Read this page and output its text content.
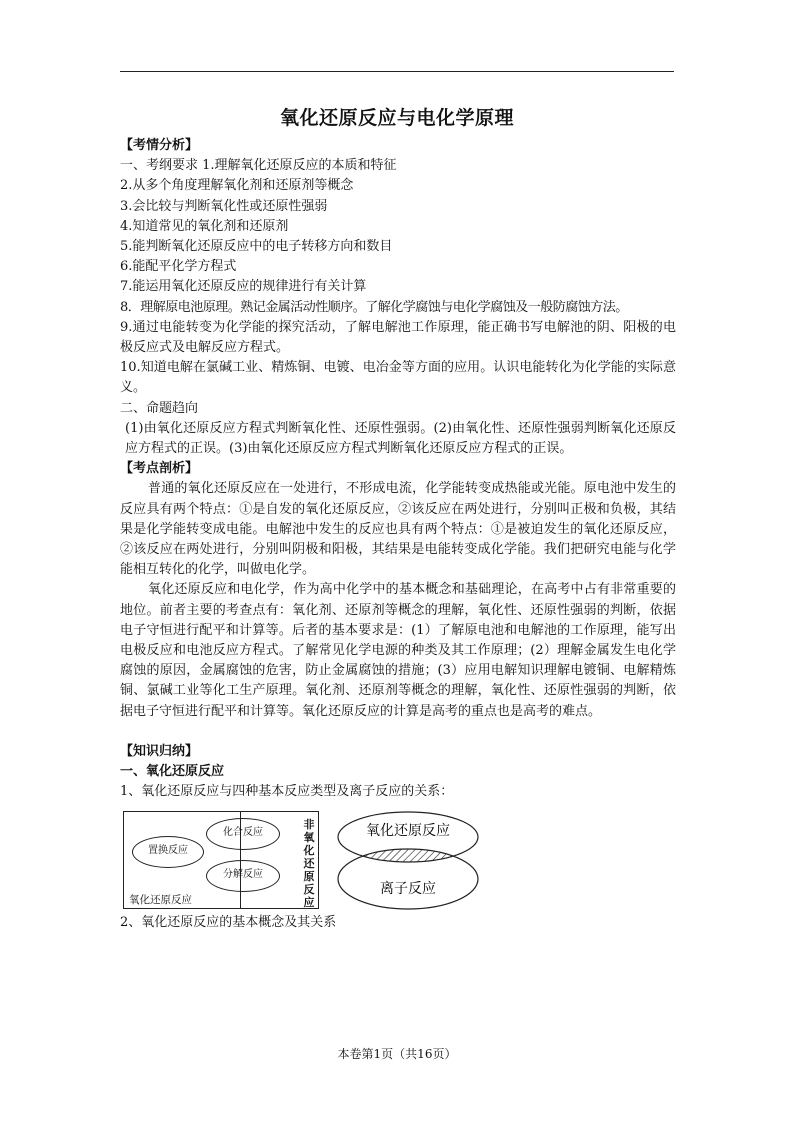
氧化还原反应与电化学原理
【考情分析】
一、考纲要求 1.理解氧化还原反应的本质和特征
2.从多个角度理解氧化剂和还原剂等概念
3.会比较与判断氧化性或还原性强弱
4.知道常见的氧化剂和还原剂
5.能判断氧化还原反应中的电子转移方向和数目
6.能配平化学方程式
7.能运用氧化还原反应的规律进行有关计算
8．理解原电池原理。熟记金属活动性顺序。了解化学腐蚀与电化学腐蚀及一般防腐蚀方法。
9.通过电能转变为化学能的探究活动，了解电解池工作原理，能正确书写电解池的阴、阳极的电极反应式及电解反应方程式。
10.知道电解在氯碱工业、精炼铜、电镀、电冶金等方面的应用。认识电能转化为化学能的实际意义。
二、命题趋向
(1)由氧化还原反应方程式判断氧化性、还原性强弱。(2)由氧化性、还原性强弱判断氧化还原反应方程式的正误。(3)由氧化还原反应方程式判断氧化还原反应方程式的正误。
【考点剖析】
普通的氧化还原反应在一处进行，不形成电流，化学能转变成热能或光能。原电池中发生的反应具有两个特点：①是自发的氧化还原反应，②该反应在两处进行，分别叫正极和负极，其结果是化学能转变成电能。电解池中发生的反应也具有两个特点：①是被迫发生的氧化还原反应，②该反应在两处进行，分别叫阴极和阳极，其结果是电能转变成化学能。我们把研究电能与化学能相互转化的化学，叫做电化学。
氧化还原反应和电化学，作为高中化学中的基本概念和基础理论，在高考中占有非常重要的地位。前者主要的考查点有：氧化剂、还原剂等概念的理解，氧化性、还原性强弱的判断，依据电子守恒进行配平和计算等。后者的基本要求是：(1）了解原电池和电解池的工作原理，能写出电极反应和电池反应方程式。了解常见化学电源的种类及其工作原理；(2）理解金属发生电化学腐蚀的原因，金属腐蚀的危害，防止金属腐蚀的措施；(3）应用电解知识理解电镀铜、电解精炼铜、氯碱工业等化工生产原理。氧化剂、还原剂等概念的理解，氧化性、还原性强弱的判断，依据电子守恒进行配平和计算等。氧化还原反应的计算是高考的重点也是高考的难点。
【知识归纳】
一、氧化还原反应
1、氧化还原反应与四种基本反应类型及离子反应的关系：
化合反应
置换反应
分解反应
氧化还原反应
非氧化还原反应
氧化还原反应
离子反应
2、氧化还原反应的基本概念及其关系
本卷第1页（共16页）
